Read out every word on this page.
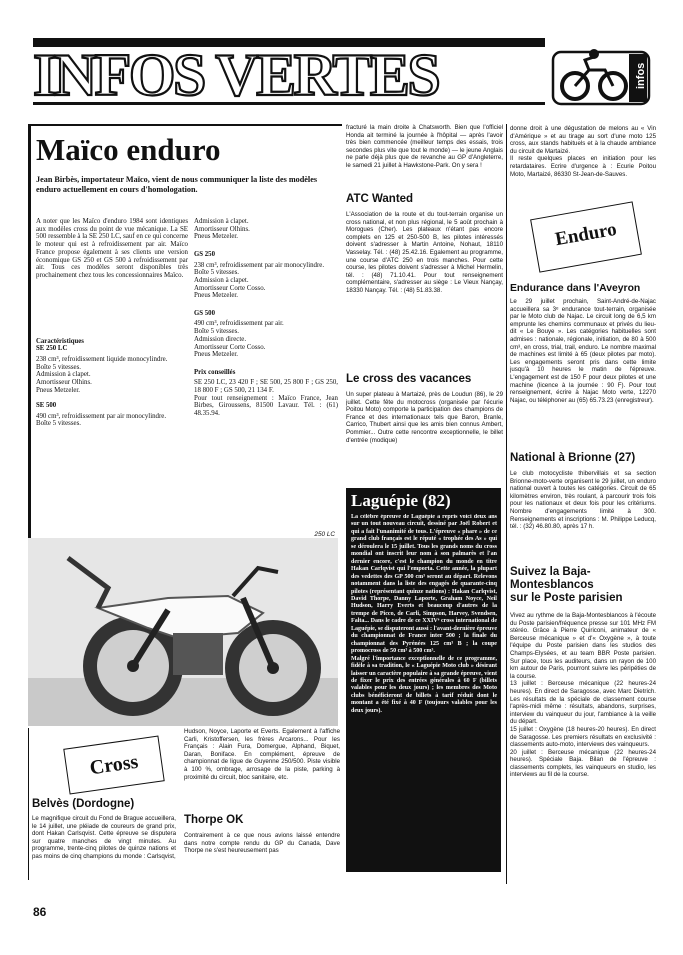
INFOS VERTES	infos
Maïco enduro
Jean Birbès, importateur Maïco, vient de nous communiquer la liste des modèles enduro actuellement en cours d'homologation.
A noter que les Maïco d'enduro 1984 sont identiques aux modèles cross du point de vue mécanique. La SE 500 ressemble à la SE 250 LC, sauf en ce qui concerne le moteur qui est à refroidissement par air. Maïco France propose également à ses clients une version économique GS 250 et GS 500 à refroidissement par air. Tous ces modèles seront disponibles très prochainement chez tous les concessionnaires Maïco.
Caractéristiques
SE 250 LC
238 cm³, refroidissement liquide monocylindre.
Boîte 5 vitesses.
Admission à clapet.
Amortisseur Olhins.
Pneus Metzeler.
SE 500
490 cm³, refroidissement par air monocylindre.
Boîte 5 vitesses.
Admission à clapet.
Amortisseur Olhins.
Pneus Metzeler.
GS 250
238 cm³, refroidissement par air monocylindre.
Boîte 5 vitesses.
Admission à clapet.
Amortisseur Corte Cosso.
Pneus Metzeler.
GS 500
490 cm³, refroidissement par air.
Boîte 5 vitesses.
Admission directe.
Amortisseur Corte Cosso.
Pneus Metzeler.
Prix conseillés
SE 250 LC, 23 420 F ; SE 500, 25 800 F ; GS 250, 18 800 F ; GS 500, 21 134 F.
Pour tout renseignement : Maïco France, Jean Birbes, Giroussens, 81500 Lavaur. Tél. : (61) 48.35.94.
250 LC
fracturé la main droite à Chatsworth. Bien que l'officiel Honda ait terminé la journée à l'hôpital — après l'avoir très bien commencée (meilleur temps des essais, trois secondes plus vite que tout le monde) — le jeune Anglais ne parle déjà plus que de revanche au GP d'Angleterre, le samedi 21 juillet à Hawkstone-Park. On y sera !
ATC Wanted
L'Association de la route et du tout-terrain organise un cross national, et non plus régional, le 5 août prochain à Morogues (Cher). Les plateaux n'étant pas encore complets en 125 et 250-500 B, les pilotes intéressés doivent s'adresser à Martin Antoine, Nohaut, 18110 Vasselay. Tél. : (48) 25.42.16. Egalement au programme, une course d'ATC 250 en trois manches. Pour cette course, les pilotes doivent s'adresser à Michel Hermelin, tél. : (48) 71.10.41. Pour tout renseignement complémentaire, s'adresser au siège : Le Vieux Nançay, 18330 Nançay. Tél. : (48) 51.83.38.
Le cross des vacances
Un super plateau à Martaizé, près de Loudun (86), le 29 juillet. Cette fête du motocross (organisée par l'écurie Poitou Moto) comporte la participation des champions de France et des internationaux tels que Baron, Branle, Carrico, Thubert ainsi que les amis bien connus Ambert, Pommier... Outre cette rencontre exceptionnelle, le billet d'entrée (modique)
Laguépie (82)
La célèbre épreuve de Laguépie a repris voici deux ans sur un tout nouveau circuit, dessiné par Joël Robert et qui a fait l'unanimité de tous. L'épreuve « phare » de ce grand club français est le réputé « trophée des As » qui se déroulera le 15 juillet. Tous les grands noms du cross mondial ont inscrit leur nom à son palmarès et l'an dernier encore, c'est le champion du monde en titre Hakan Carlqvist qui l'emporta. Cette année, la plupart des vedettes des GP 500 cm³ seront au départ. Relevons notamment dans la liste des engagés de quarante-cinq pilotes (représentant quinze nations) : Hakan Carlqvist, David Thorpe, Danny Laporte, Graham Noyce, Neil Hudson, Harry Everts et beaucoup d'autres de la trempe de Picco, de Carli, Simpson, Harvey, Svendsen, Falta... Dans le cadre de ce XXIVᵉ cross international de Laguépie, se disputeront aussi : l'avant-dernière épreuve du championnat de France inter 500 ; la finale du championnat des Pyrénées 125 cm³ B ; la coupe promocross de 50 cm³ à 500 cm³.
Malgré l'importance exceptionnelle de ce programme, fidèle à sa tradition, le « Laguépie Moto club » désirant laisser un caractère populaire à sa grande épreuve, vient de fixer le prix des entrées générales à 60 F (billets valables pour les deux jours) ; les membres des Moto clubs bénéficieront de billets à tarif réduit dont le montant a été fixé à 40 F (toujours valables pour les deux jours).
donne droit à une dégustation de melons au « Vin d'Amérique » et au tirage au sort d'une moto 125 cross, aux stands habituels et à la chaude ambiance du circuit de Martaizé.
Il reste quelques places en initiation pour les retardataires. Ecrire d'urgence à : Ecurie Poitou Moto, Martaizé, 86330 St-Jean-de-Sauves.
Enduro
Endurance dans l'Aveyron
Le 29 juillet prochain, Saint-André-de-Najac accueillera sa 3ᵉ endurance tout-terrain, organisée par le Moto club de Najac. Le circuit long de 6,5 km emprunte les chemins communaux et privés du lieu-dit « Le Bouye ». Les catégories habituelles sont admises : nationale, régionale, initiation, de 80 à 500 cm³, en cross, trial, trail, enduro. Le nombre maximal de machines est limité à 65 (deux pilotes par moto). Les engagements seront pris dans cette limite jusqu'à 10 heures le matin de l'épreuve. L'engagement est de 150 F pour deux pilotes et une machine (licence à la journée : 90 F). Pour tout renseignement, écrire à Najac Moto verte, 12270 Najac, ou téléphoner au (65) 65.73.23 (enregistreur).
National à Brionne (27)
Le club motocycliste thibervillais et sa section Brionne-moto-verte organisent le 29 juillet, un enduro national ouvert à toutes les catégories. Circuit de 65 kilomètres environ, très roulant, à parcourir trois fois pour les nationaux et deux fois pour les critériums. Nombre d'engagements limité à 300. Renseignements et inscriptions : M. Philippe Leducq, tél. : (32) 46.80.80, après 17 h.
Suivez la Baja-
Montesblancos
sur le Poste parisien
Vivez au rythme de la Baja-Montesblancos à l'écoute du Poste parisien/fréquence presse sur 101 MHz FM stéréo. Grâce à Pierre Quiriconi, animateur de « Berceuse mécanique » et d'« Oxygène », à toute l'équipe du Poste parisien dans les studios des Champs-Elysées, et au team BBR Poste parisien. Sur place, tous les auditeurs, dans un rayon de 100 km autour de Paris, pourront suivre les péripéties de la course.
13 juillet : Berceuse mécanique (22 heures-24 heures). En direct de Saragosse, avec Marc Dietrich. Les résultats de la spéciale de classement course l'après-midi même : résultats, abandons, surprises, interview du vainqueur du jour, l'ambiance à la veille du départ.
15 juillet : Oxygène (18 heures-20 heures). En direct de Saragosse. Les premiers résultats en exclusivité : classements auto-moto, interviews des vainqueurs.
20 juillet : Berceuse mécanique (22 heures-24 heures). Spéciale Baja. Bilan de l'épreuve : classements complets, les vainqueurs en studio, les interviews au fil de la course.
Cross
Belvès (Dordogne)
Le magnifique circuit du Fond de Brague accueillera, le 14 juillet, une pléiade de coureurs de grand prix, dont Hakan Carlsqvist. Cette épreuve se disputera sur quatre manches de vingt minutes. Au programme, trente-cinq pilotes de quinze nations et pas moins de cinq champions du monde : Carlsqvist,
Hudson, Noyce, Laporte et Everts. Egalement à l'affiche Carli, Kristoffersen, les frères Arcarons... Pour les Français : Alain Fura, Domergue, Alphand, Biquet, Daran, Boniface. En complément, épreuve de championnat de ligue de Guyenne 250/500. Piste visible à 100 %, ombrage, arrosage de la piste, parking à proximité du circuit, bloc sanitaire, etc.
Thorpe OK
Contrairement à ce que nous avions laissé entendre dans notre compte rendu du GP du Canada, Dave Thorpe ne s'est heureusement pas
86
